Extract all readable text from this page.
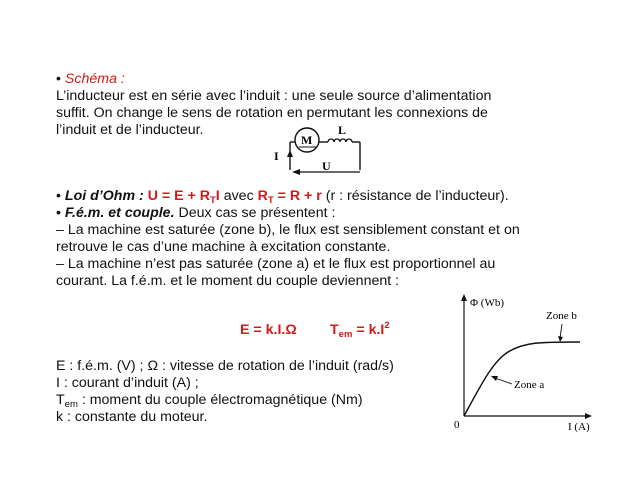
• Schéma :
L’inducteur est en série avec l’induit : une seule source d’alimentation
suffit. On change le sens de rotation en permutant les connexions de
l’induit et de l’inducteur.
M
L
I
U
• Loi d’Ohm : $U = E + R_TI$ avec $R_T = R + r$ (r : résistance de l’inducteur).
• F.é.m. et couple. Deux cas se présentent :
– La machine est saturée (zone b), le flux est sensiblement constant et on
retrouve le cas d’une machine à excitation constante.
– La machine n’est pas saturée (zone a) et le flux est proportionnel au
courant. La f.é.m. et le moment du couple deviennent :
E = k.I.Ω $T_{em} = k.I^2$
E : f.é.m. (V) ; Ω : vitesse de rotation de l’induit (rad/s)
I : courant d’induit (A) ;
$T_{em}$ : moment du couple électromagnétique (Nm)
k : constante du moteur.
Φ (Wb)
Zone b
Zone a
0	I (A)
